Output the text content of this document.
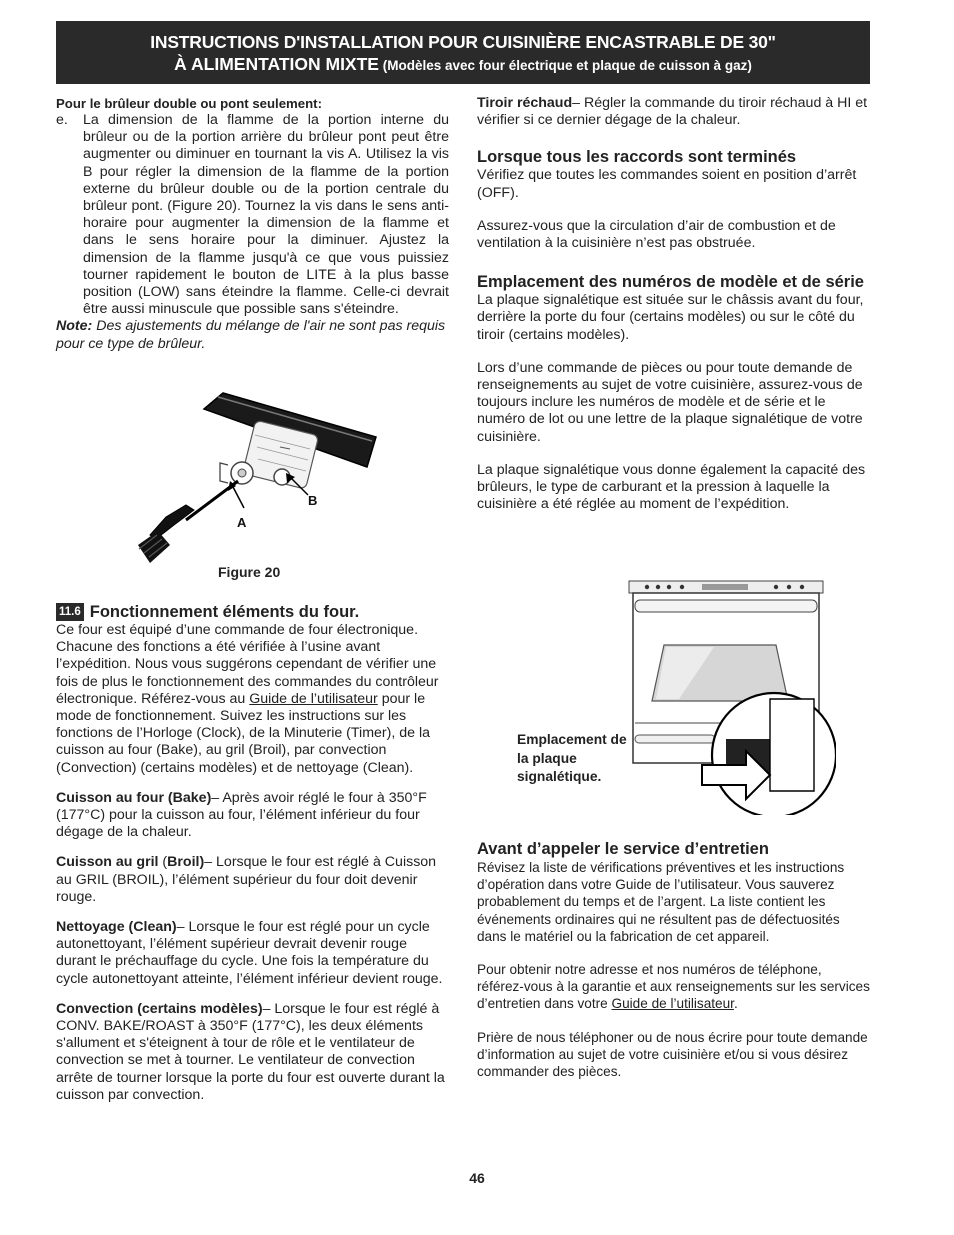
INSTRUCTIONS D'INSTALLATION POUR CUISINIÈRE ENCASTRABLE DE 30"
À ALIMENTATION MIXTE (Modèles avec four électrique et plaque de cuisson à gaz)

Pour le brûleur double ou pont seulement:

e.	La dimension de la flamme de la portion interne du brûleur ou de la portion arrière du brûleur pont peut être augmenter ou diminuer en tournant la vis A. Utilisez la vis B pour régler la dimension de la flamme de la portion externe du brûleur double ou de la portion centrale du brûleur pont. (Figure 20). Tournez la vis dans le sens anti-horaire pour augmenter la dimension de la flamme et dans le sens horaire pour la diminuer. Ajustez la dimension de la flamme jusqu'à ce que vous puissiez tourner rapidement le bouton de LITE à la plus basse position (LOW) sans éteindre la flamme. Celle-ci devrait être aussi minuscule que possible sans s'éteindre.

Note: Des ajustements du mélange de l'air ne sont pas requis pour ce type de brûleur.

A
B
Figure 20
11.6 Fonctionnement éléments du four.

Ce four est équipé d’une commande de four électronique. Chacune des fonctions a été vérifiée à l’usine avant l’expédition. Nous vous suggérons cependant de vérifier une fois de plus le fonctionnement des commandes du contrôleur électronique. Référez-vous au Guide de l’utilisateur pour le mode de fonctionnement. Suivez les instructions sur les fonctions de l’Horloge (Clock), de la Minuterie (Timer), de la cuisson au four (Bake), au gril (Broil), par convection (Convection) (certains modèles) et de nettoyage (Clean).

Cuisson au four (Bake)– Après avoir réglé le four à 350°F (177°C) pour la cuisson au four, l’élément inférieur du four dégage de la chaleur.

Cuisson au gril (Broil)– Lorsque le four est réglé à Cuisson au GRIL (BROIL), l’élément supérieur du four doit devenir rouge.

Nettoyage (Clean)– Lorsque le four est réglé pour un cycle autonettoyant, l’élément supérieur devrait devenir rouge durant le préchauffage du cycle. Une fois la température du cycle autonettoyant atteinte, l’élément inférieur devient rouge.

Convection (certains modèles)– Lorsque le four est réglé à CONV. BAKE/ROAST à 350°F (177°C), les deux éléments s'allument et s'éteignent à tour de rôle et le ventilateur de convection se met à tourner. Le ventilateur de convection arrête de tourner lorsque la porte du four est ouverte durant la cuisson par convection.

Tiroir réchaud– Régler la commande du tiroir réchaud à HI et vérifier si ce dernier dégage de la chaleur.

Lorsque tous les raccords sont terminés

Vérifiez que toutes les commandes soient en position d’arrêt (OFF).

Assurez-vous que la circulation d’air de combustion et de ventilation à la cuisinière n’est pas obstruée.

Emplacement des numéros de modèle et de série

La plaque signalétique est située sur le châssis avant du four, derrière la porte du four (certains modèles) ou sur le côté du tiroir (certains modèles).

Lors d’une commande de pièces ou pour toute demande de renseignements au sujet de votre cuisinière, assurez-vous de toujours inclure les numéros de modèle et de série et le numéro de lot ou une lettre de la plaque signalétique de votre cuisinière.

La plaque signalétique vous donne également la capacité des brûleurs, le type de carburant et la pression à laquelle la cuisinière a été réglée au moment de l’expédition.

Emplacement de la plaque signalétique.
Avant d’appeler le service d’entretien

Révisez la liste de vérifications préventives et les instructions d’opération dans votre Guide de l’utilisateur. Vous sauverez probablement du temps et de l’argent. La liste contient les événements ordinaires qui ne résultent pas de défectuosités dans le matériel ou la fabrication de cet appareil.

Pour obtenir notre adresse et nos numéros de téléphone, référez-vous à la garantie et aux renseignements sur les services d’entretien dans votre Guide de l’utilisateur.

Prière de nous téléphoner ou de nous écrire pour toute demande d’information au sujet de votre cuisinière et/ou si vous désirez commander des pièces.

46
